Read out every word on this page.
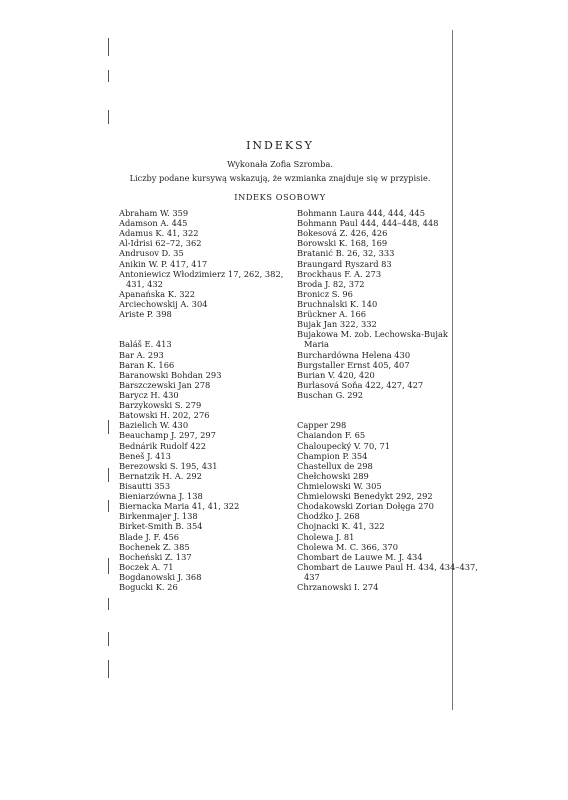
INDEKSY
Wykonała Zofia Szromba.
Liczby podane kursywą wskazują, że wzmianka znajduje się w przypisie.
INDEKS OSOBOWY
Abraham W. 359
Adamson A. 445
Adamus K. 41, 322
Al-Idrisi 62–72, 362
Andrusov D. 35
Anikin W. P. 417, 417
Antoniewicz Włodzimierz 17, 262, 382,
431, 432
Apanańska K. 322
Arciechowskij A. 304
Ariste P. 398
Baláš E. 413
Bar A. 293
Baran K. 166
Baranowski Bohdan 293
Barszczewski Jan 278
Barycz H. 430
Barzykowski S. 279
Batowski H. 202, 276
Bazielich W. 430
Beauchamp J. 297, 297
Bednárik Rudolf 422
Beneš J. 413
Berezowski S. 195, 431
Bernatzik H. A. 292
Bisautti 353
Bieniarzówna J. 138
Biernacka Maria 41, 41, 322
Birkenmajer J. 138
Birket-Smith B. 354
Blade J. F. 456
Bochenek Z. 385
Bocheński Z. 137
Boczek A. 71
Bogdanowski J. 368
Bogucki K. 26
Bohmann Laura 444, 444, 445
Bohmann Paul 444, 444–448, 448
Bokesová Z. 426, 426
Borowski K. 168, 169
Bratanić B. 26, 32, 333
Braungard Ryszard 83
Brockhaus F. A. 273
Broda J. 82, 372
Bronicz S. 96
Bruchnalski K. 140
Brückner A. 166
Bujak Jan 322, 332
Bujakowa M. zob. Lechowska-Bujak
Maria
Burchardówna Helena 430
Burgstaller Ernst 405, 407
Burian V. 420, 420
Burlasová Soňa 422, 427, 427
Buschan G. 292
Capper 298
Chaiandon F. 65
Chaloupecký V. 70, 71
Champion P. 354
Chastellux de 298
Chełchowski 289
Chmielowski W. 305
Chmielowski Benedykt 292, 292
Chodakowski Zorian Dołęga 270
Chodźko J. 268
Chojnacki K. 41, 322
Cholewa J. 81
Cholewa M. C. 366, 370
Chombart de Lauwe M. J. 434
Chombart de Lauwe Paul H. 434, 434–437,
437
Chrzanowski I. 274
